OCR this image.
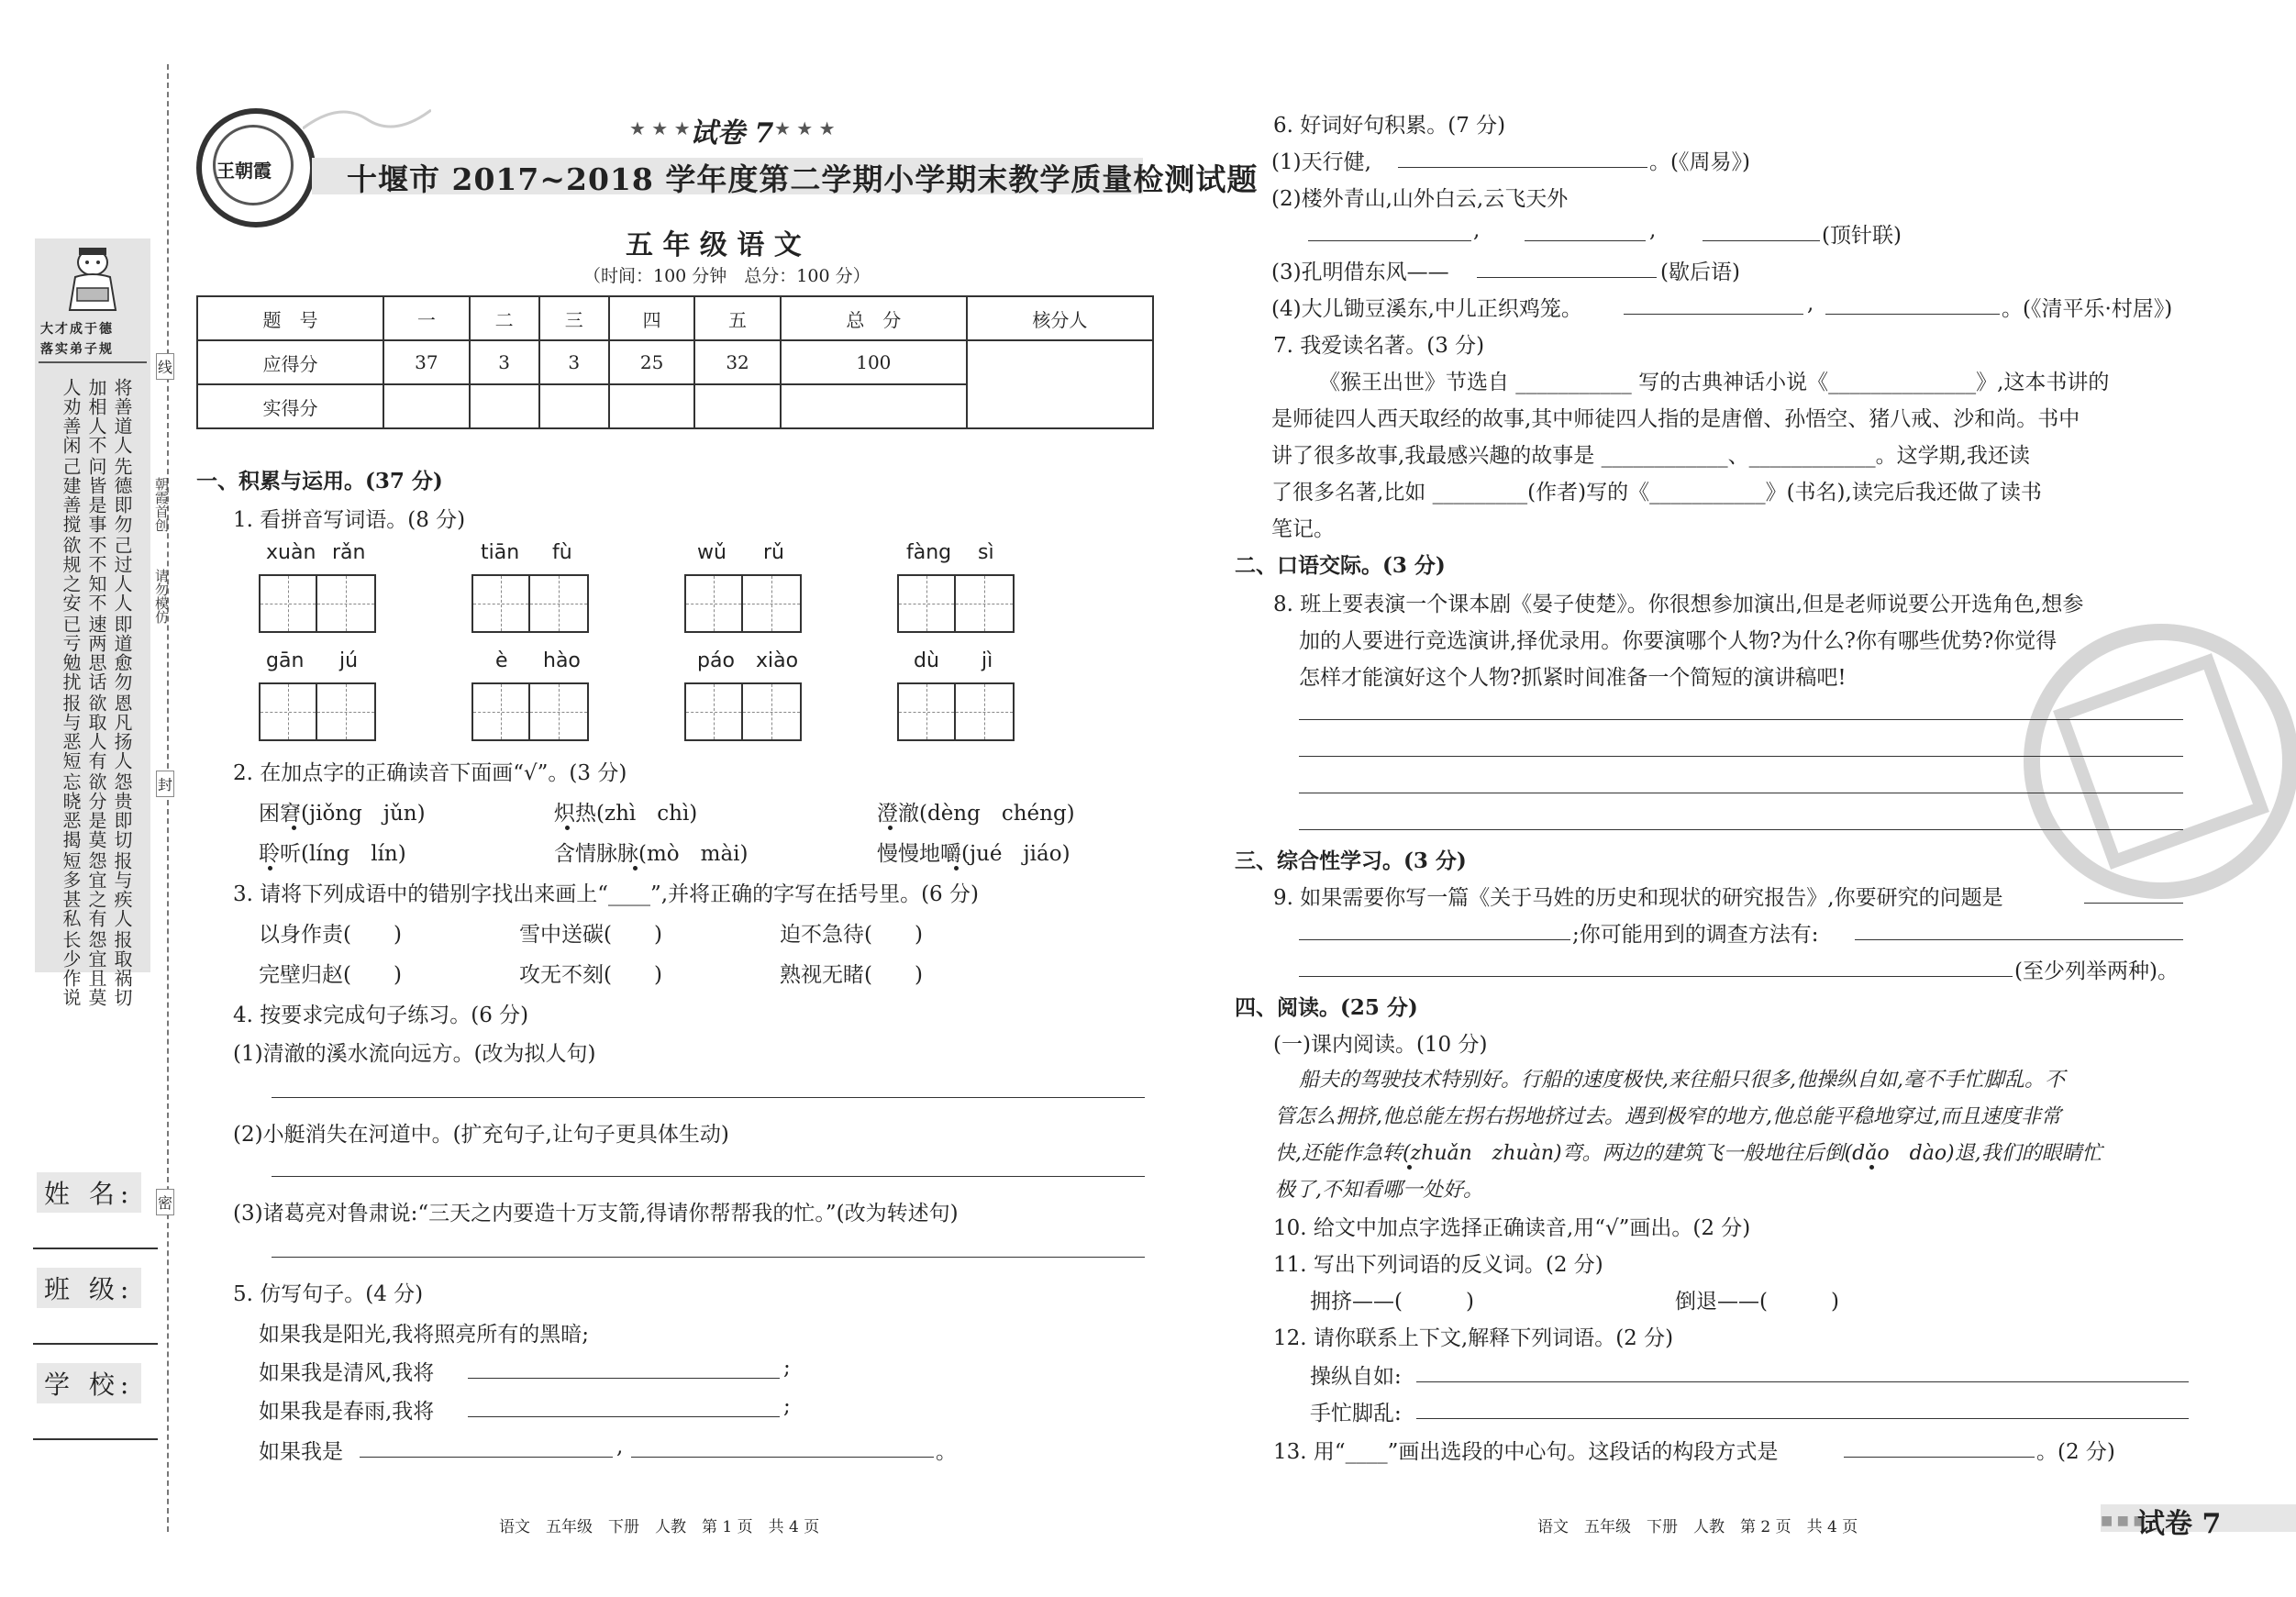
大才成于德
落实弟子规
将善道人
加相人不
人劝善闲
先德即勿
问皆是事
己建善搅
己过人人
不不知不
欲规之安
即道愈勿
速两思话
已亏勉扰
恩凡扬人
欲取人有
报与恶短
怨贵即切
欲分是莫
忘晓恶揭
报与疾人
怨宜之有
短多甚私
报取祸切
怨宜且莫
长少作说
姓 名:
班 级:
学 校:
线
封
密
朝霞首创
请勿模仿
王朝霞
★ ★ ★ 试卷 7 ★ ★ ★
十堰市 2017~2018 学年度第二学期小学期末教学质量检测试题
五 年 级 语 文
（时间：100 分钟　总分：100 分）
题　号	一	二	三	四	五	总　分	核分人
应得分	37	3	3	25	32	100	
实得分							
一、积累与运用。(37 分)
1. 看拼音写词语。(8 分)
xuàn rǎn	tiān fù	wǔ rǔ	fàng sì
gān jú	è hào	páo xiào	dù jì
2. 在加点字的正确读音下面画“√”。(3 分)
困窘(jiǒng　jǔn)	炽热(zhì　chì)	澄澈(dèng　chéng)
聆听(líng　lín)	含情脉脉(mò　mài)	慢慢地嚼(jué　jiáo)
3. 请将下列成语中的错别字找出来画上“____”,并将正确的字写在括号里。(6 分)
以身作责(　　)	雪中送碳(　　)	迫不急待(　　)
完壁归赵(　　)	攻无不刻(　　)	熟视无睹(　　)
4. 按要求完成句子练习。(6 分)
(1)清澈的溪水流向远方。(改为拟人句)
(2)小艇消失在河道中。(扩充句子,让句子更具体生动)
(3)诸葛亮对鲁肃说:“三天之内要造十万支箭,得请你帮帮我的忙。”(改为转述句)
5. 仿写句子。(4 分)
如果我是阳光,我将照亮所有的黑暗;
如果我是清风,我将	;
如果我是春雨,我将	;
如果我是	,	。
语文　五年级　下册　人教　第 1 页　共 4 页
6. 好词好句积累。(7 分)
(1)天行健,	。(《周易》)
(2)楼外青山,山外白云,云飞天外
,	,	(顶针联)
(3)孔明借东风——	(歇后语)
(4)大儿锄豆溪东,中儿正织鸡笼。	,	。(《清平乐·村居》)
7. 我爱读名著。(3 分)
《猴王出世》节选自 ___________ 写的古典神话小说《______________》,这本书讲的
是师徒四人西天取经的故事,其中师徒四人指的是唐僧、孙悟空、猪八戒、沙和尚。书中
讲了很多故事,我最感兴趣的故事是 ____________、____________。这学期,我还读
了很多名著,比如 _________(作者)写的《___________》(书名),读完后我还做了读书
笔记。
二、口语交际。(3 分)
8. 班上要表演一个课本剧《晏子使楚》。你很想参加演出,但是老师说要公开选角色,想参
加的人要进行竞选演讲,择优录用。你要演哪个人物?为什么?你有哪些优势?你觉得
怎样才能演好这个人物?抓紧时间准备一个简短的演讲稿吧!
三、综合性学习。(3 分)
9. 如果需要你写一篇《关于马姓的历史和现状的研究报告》,你要研究的问题是
;你可能用到的调查方法有:
(至少列举两种)。
四、阅读。(25 分)
(一)课内阅读。(10 分)
船夫的驾驶技术特别好。行船的速度极快,来往船只很多,他操纵自如,毫不手忙脚乱。不
管怎么拥挤,他总能左拐右拐地挤过去。遇到极窄的地方,他总能平稳地穿过,而且速度非常
快,还能作急转(zhuǎn　zhuàn)弯。两边的建筑飞一般地往后倒(dǎo　dào)退,我们的眼睛忙
极了,不知看哪一处好。
10. 给文中加点字选择正确读音,用“√”画出。(2 分)
11. 写出下列词语的反义词。(2 分)
拥挤——(　　　)	倒退——(　　　)
12. 请你联系上下文,解释下列词语。(2 分)
操纵自如:
手忙脚乱:
13. 用“____”画出选段的中心句。这段话的构段方式是	。(2 分)
语文　五年级　下册　人教　第 2 页　共 4 页	■ ■ ■
试卷 7
